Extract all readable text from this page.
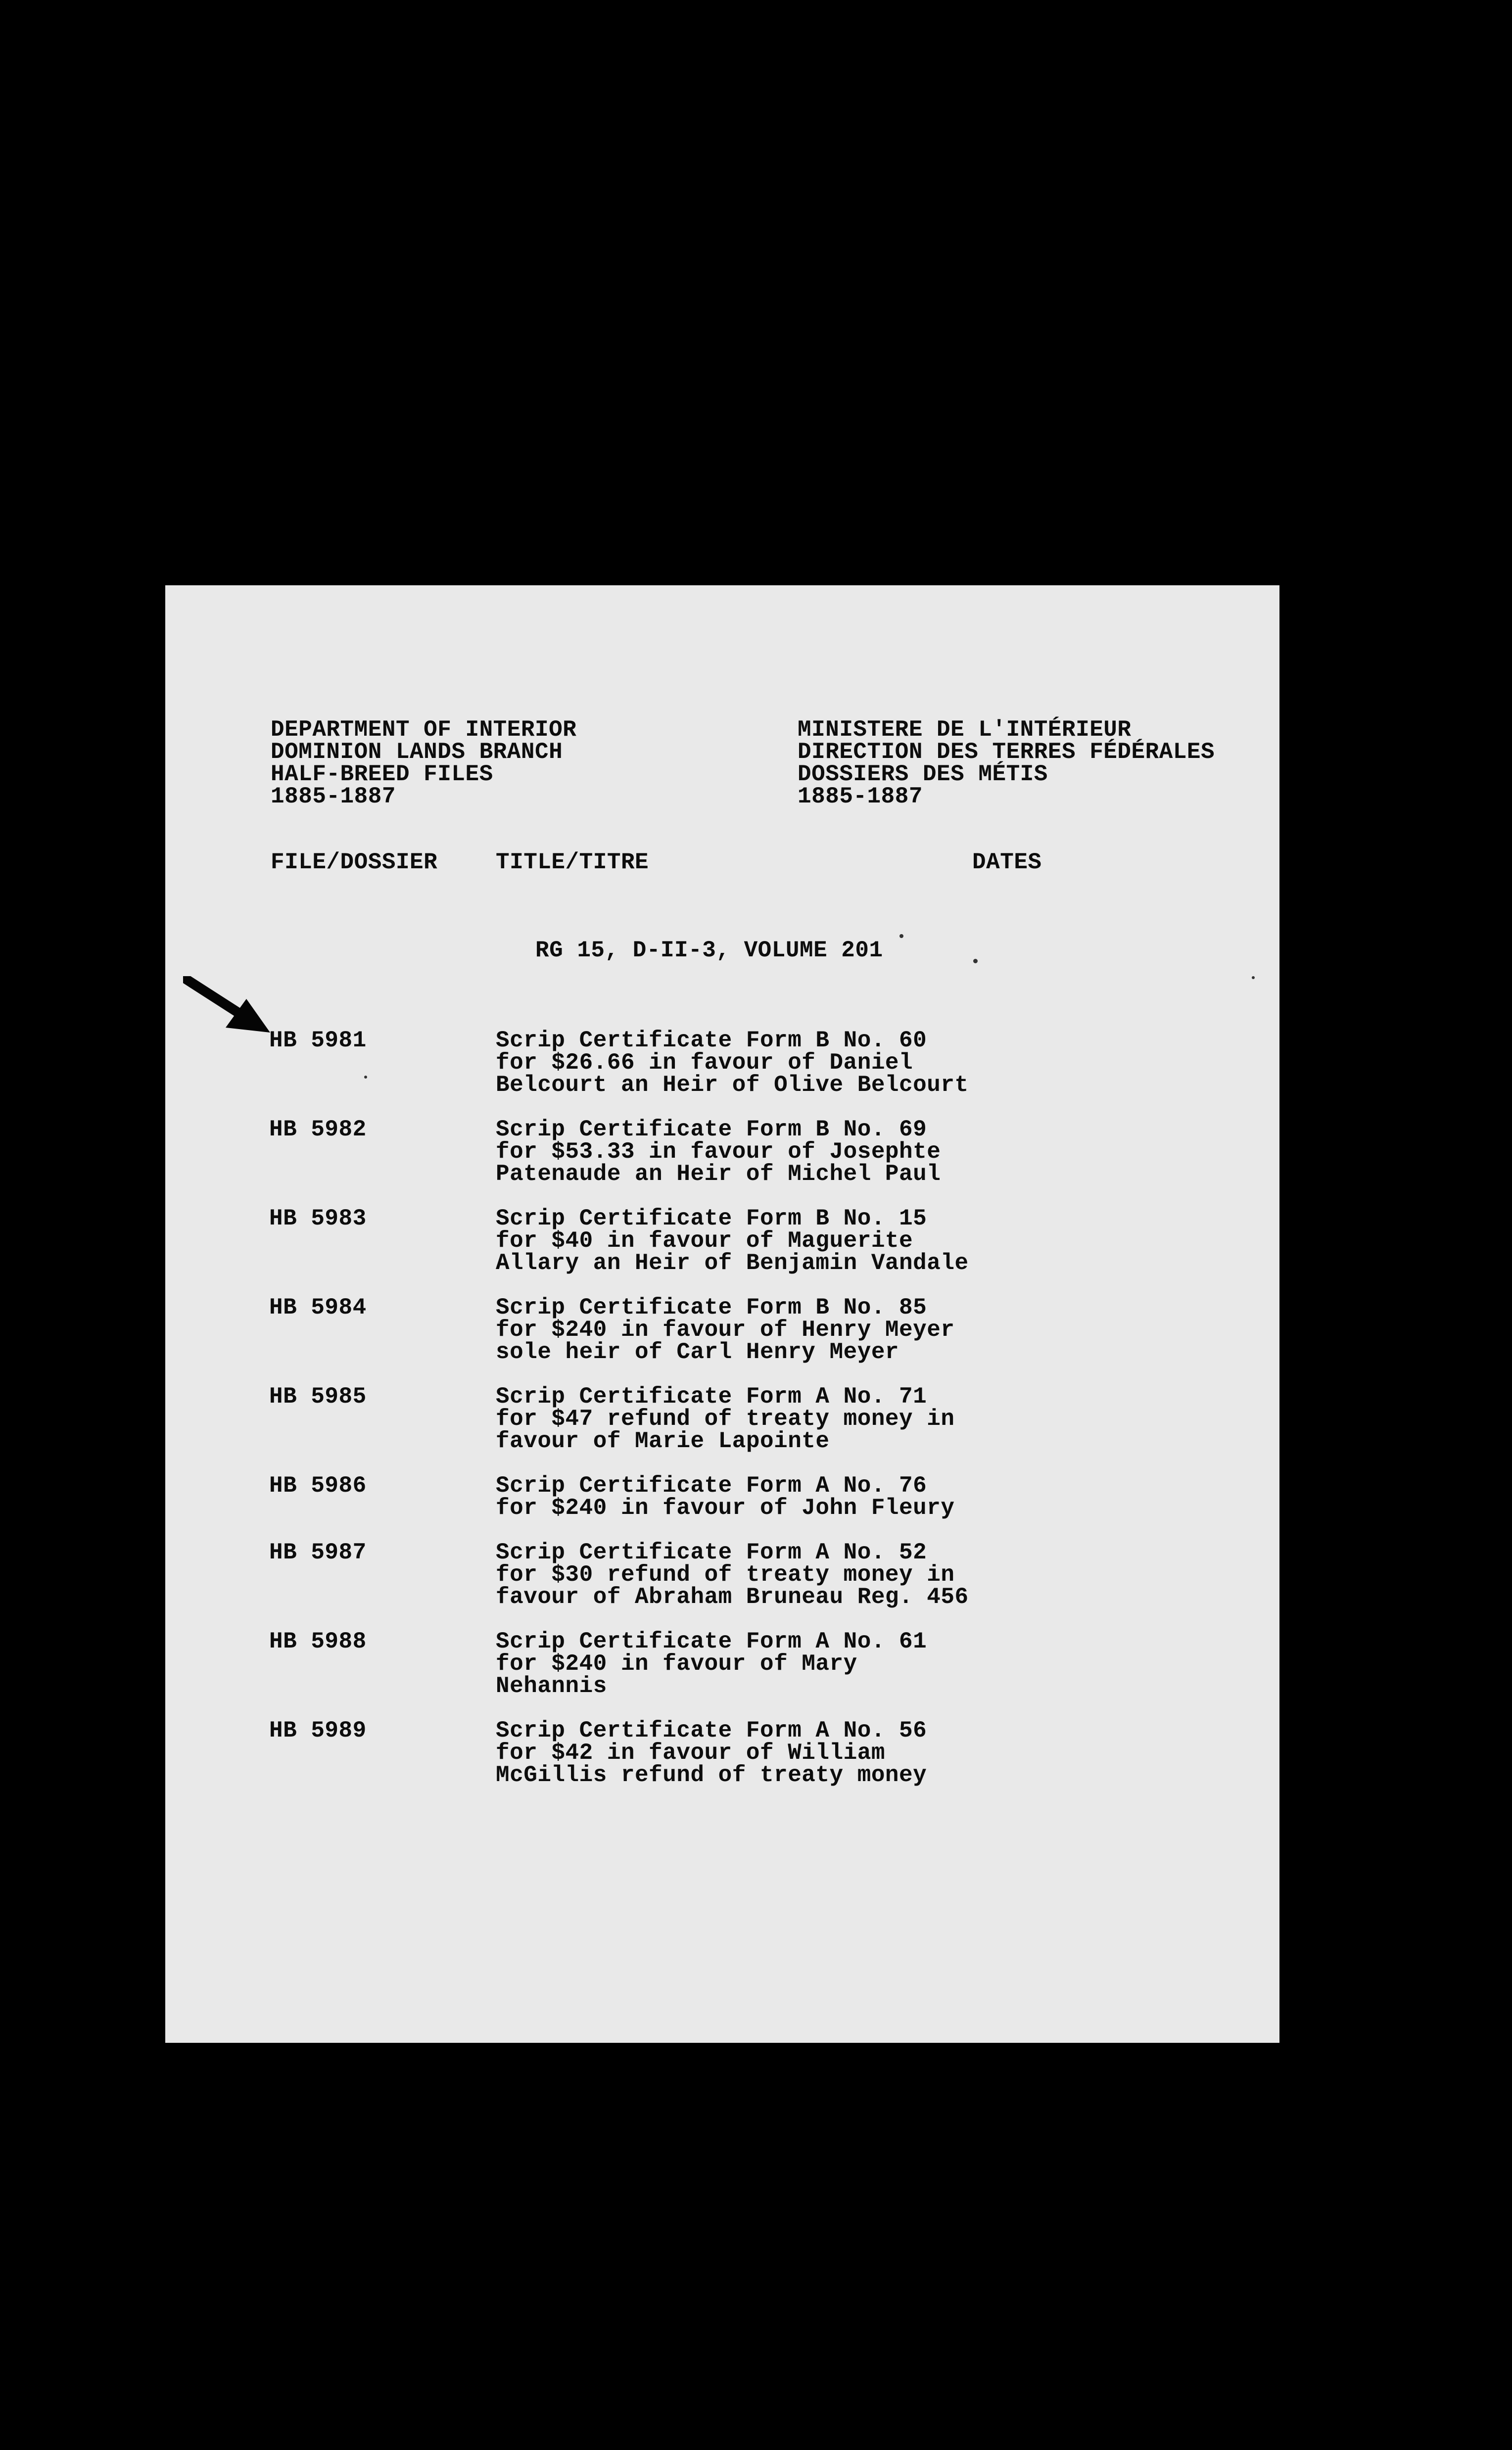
DEPARTMENT OF INTERIOR
DOMINION LANDS BRANCH
HALF-BREED FILES
1885-1887
MINISTERE DE L'INTÉRIEUR
DIRECTION DES TERRES FÉDÉRALES
DOSSIERS DES MÉTIS
1885-1887
FILE/DOSSIER	TITLE/TITRE	DATES
RG 15, D-II-3, VOLUME 201
HB 5981	Scrip Certificate Form B No. 60
for $26.66 in favour of Daniel
Belcourt an Heir of Olive Belcourt
HB 5982	Scrip Certificate Form B No. 69
for $53.33 in favour of Josephte
Patenaude an Heir of Michel Paul
HB 5983	Scrip Certificate Form B No. 15
for $40 in favour of Maguerite
Allary an Heir of Benjamin Vandale
HB 5984	Scrip Certificate Form B No. 85
for $240 in favour of Henry Meyer
sole heir of Carl Henry Meyer
HB 5985	Scrip Certificate Form A No. 71
for $47 refund of treaty money in
favour of Marie Lapointe
HB 5986	Scrip Certificate Form A No. 76
for $240 in favour of John Fleury
HB 5987	Scrip Certificate Form A No. 52
for $30 refund of treaty money in
favour of Abraham Bruneau Reg. 456
HB 5988	Scrip Certificate Form A No. 61
for $240 in favour of Mary
Nehannis
HB 5989	Scrip Certificate Form A No. 56
for $42 in favour of William
McGillis refund of treaty money
